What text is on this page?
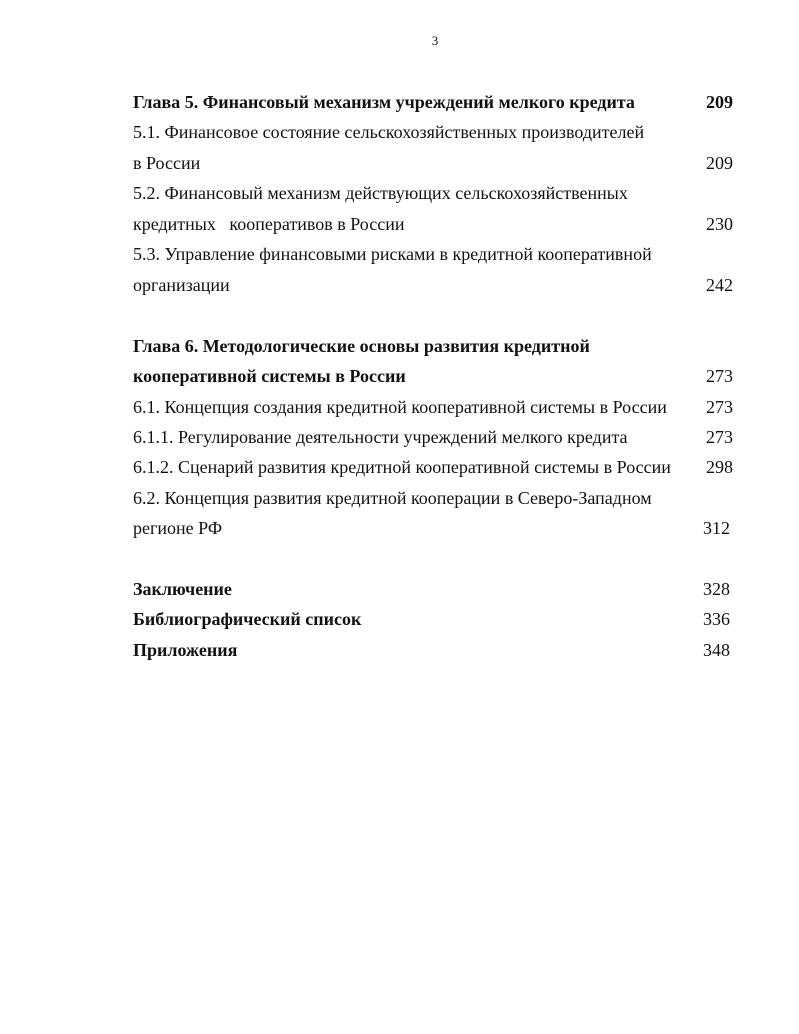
3
Глава 5. Финансовый механизм учреждений мелкого кредита	209
5.1. Финансовое состояние сельскохозяйственных производителей
в России	209
5.2. Финансовый механизм действующих сельскохозяйственных
кредитных   кооперативов в России	230
5.3. Управление финансовыми рисками в кредитной кооперативной
организации	242
Глава 6. Методологические основы развития кредитной
кооперативной системы в России	273
6.1. Концепция создания кредитной кооперативной системы в России 273
6.1.1. Регулирование деятельности учреждений мелкого кредита	273
6.1.2. Сценарий развития кредитной кооперативной системы в России 298
6.2. Концепция развития кредитной кооперации в Северо-Западном
регионе РФ	312
Заключение	328
Библиографический список	336
Приложения	348
